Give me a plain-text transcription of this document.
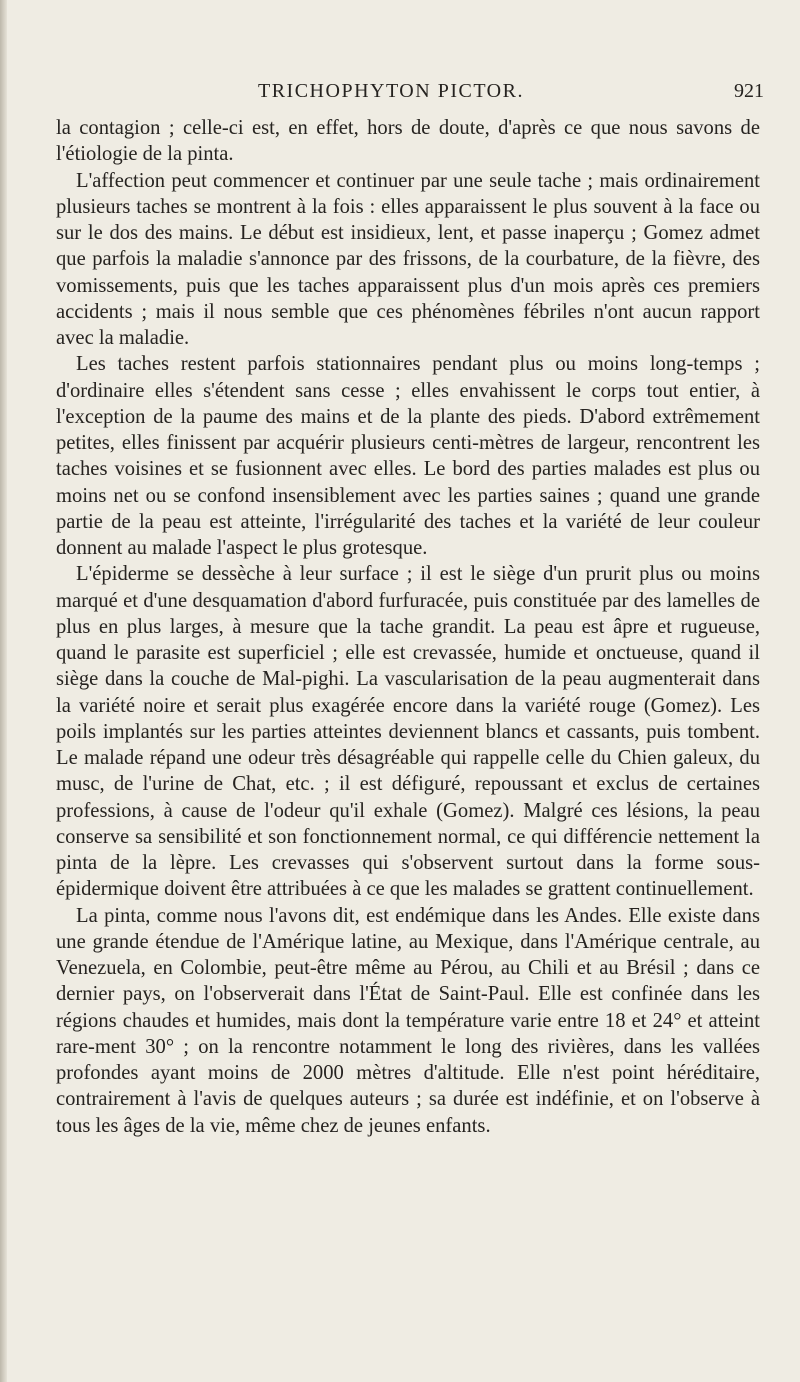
TRICHOPHYTON PICTOR.	921

la contagion ; celle-ci est, en effet, hors de doute, d'après ce que nous savons de l'étiologie de la pinta.

L'affection peut commencer et continuer par une seule tache ; mais ordinairement plusieurs taches se montrent à la fois : elles apparaissent le plus souvent à la face ou sur le dos des mains. Le début est insidieux, lent, et passe inaperçu ; Gomez admet que parfois la maladie s'annonce par des frissons, de la courbature, de la fièvre, des vomissements, puis que les taches apparaissent plus d'un mois après ces premiers accidents ; mais il nous semble que ces phénomènes fébriles n'ont aucun rapport avec la maladie.

Les taches restent parfois stationnaires pendant plus ou moins long-temps ; d'ordinaire elles s'étendent sans cesse ; elles envahissent le corps tout entier, à l'exception de la paume des mains et de la plante des pieds. D'abord extrêmement petites, elles finissent par acquérir plusieurs centi-mètres de largeur, rencontrent les taches voisines et se fusionnent avec elles. Le bord des parties malades est plus ou moins net ou se confond insensiblement avec les parties saines ; quand une grande partie de la peau est atteinte, l'irrégularité des taches et la variété de leur couleur donnent au malade l'aspect le plus grotesque.

L'épiderme se dessèche à leur surface ; il est le siège d'un prurit plus ou moins marqué et d'une desquamation d'abord furfuracée, puis constituée par des lamelles de plus en plus larges, à mesure que la tache grandit. La peau est âpre et rugueuse, quand le parasite est superficiel ; elle est crevassée, humide et onctueuse, quand il siège dans la couche de Mal-pighi. La vascularisation de la peau augmenterait dans la variété noire et serait plus exagérée encore dans la variété rouge (Gomez). Les poils implantés sur les parties atteintes deviennent blancs et cassants, puis tombent. Le malade répand une odeur très désagréable qui rappelle celle du Chien galeux, du musc, de l'urine de Chat, etc. ; il est défiguré, repoussant et exclus de certaines professions, à cause de l'odeur qu'il exhale (Gomez). Malgré ces lésions, la peau conserve sa sensibilité et son fonctionnement normal, ce qui différencie nettement la pinta de la lèpre. Les crevasses qui s'observent surtout dans la forme sous-épidermique doivent être attribuées à ce que les malades se grattent continuellement.

La pinta, comme nous l'avons dit, est endémique dans les Andes. Elle existe dans une grande étendue de l'Amérique latine, au Mexique, dans l'Amérique centrale, au Venezuela, en Colombie, peut-être même au Pérou, au Chili et au Brésil ; dans ce dernier pays, on l'observerait dans l'État de Saint-Paul. Elle est confinée dans les régions chaudes et humides, mais dont la température varie entre 18 et 24° et atteint rare-ment 30° ; on la rencontre notamment le long des rivières, dans les vallées profondes ayant moins de 2000 mètres d'altitude. Elle n'est point héréditaire, contrairement à l'avis de quelques auteurs ; sa durée est indéfinie, et on l'observe à tous les âges de la vie, même chez de jeunes enfants.
